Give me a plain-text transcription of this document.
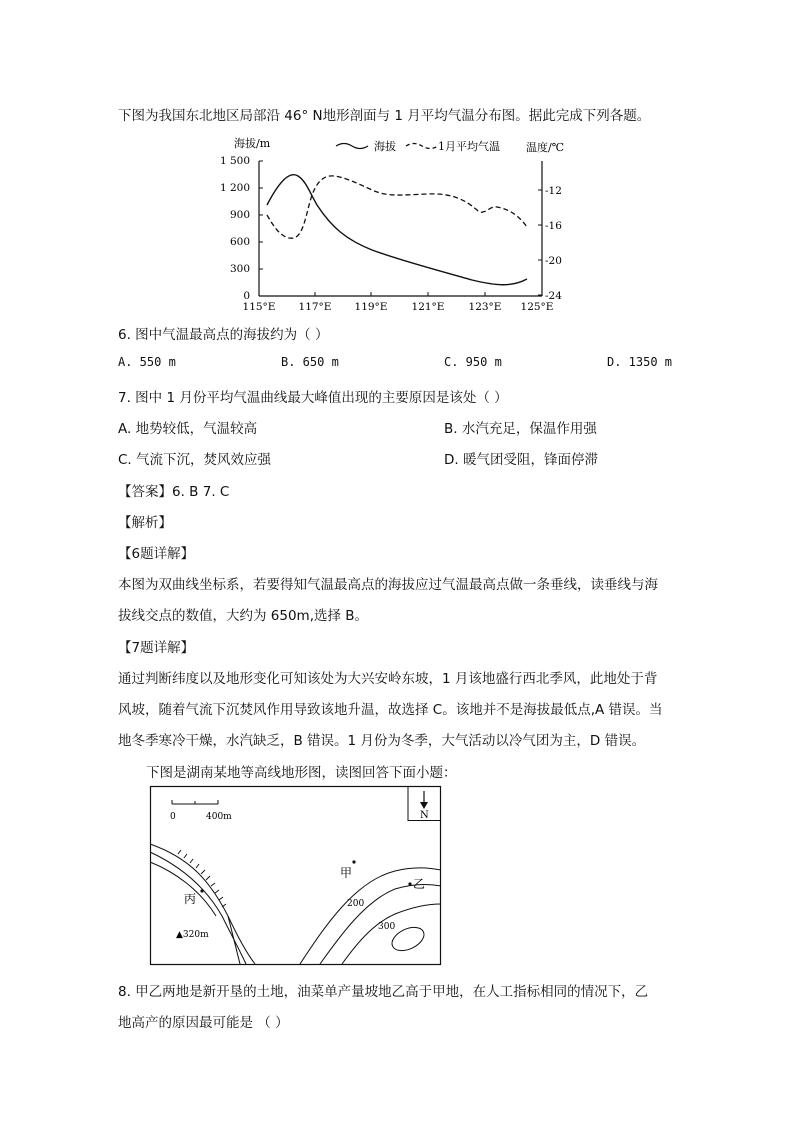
下图为我国东北地区局部沿 46° N地形剖面与 1 月平均气温分布图。据此完成下列各题。
海拔/m	温度/℃
海拔	1月平均气温
1 500
1 200
900
600
300
0
-12
-16
-20
-24
115°E 117°E 119°E 121°E 123°E 125°E
6. 图中气温最高点的海拔约为（ ）
A. 550 m	B. 650 m	C. 950 m	D. 1350 m
7. 图中 1 月份平均气温曲线最大峰值出现的主要原因是该处（ ）
A. 地势较低，气温较高	B. 水汽充足，保温作用强
C. 气流下沉，焚风效应强	D. 暖气团受阻，锋面停滞
【答案】6. B 7. C
【解析】
【6题详解】
本图为双曲线坐标系，若要得知气温最高点的海拔应过气温最高点做一条垂线，读垂线与海
拔线交点的数值，大约为 650m,选择 B。
【7题详解】
通过判断纬度以及地形变化可知该处为大兴安岭东坡，1 月该地盛行西北季风，此地处于背
风坡，随着气流下沉焚风作用导致该地升温，故选择 C。该地并不是海拔最低点,A 错误。当
地冬季寒冷干燥，水汽缺乏，B 错误。1 月份为冬季，大气活动以冷气团为主，D 错误。
下图是湖南某地等高线地形图，读图回答下面小题：
0	400m	N
甲
乙
丙	200
300
▲320m
8. 甲乙两地是新开垦的土地，油菜单产量坡地乙高于甲地，在人工指标相同的情况下，乙
地高产的原因最可能是 （ ）
